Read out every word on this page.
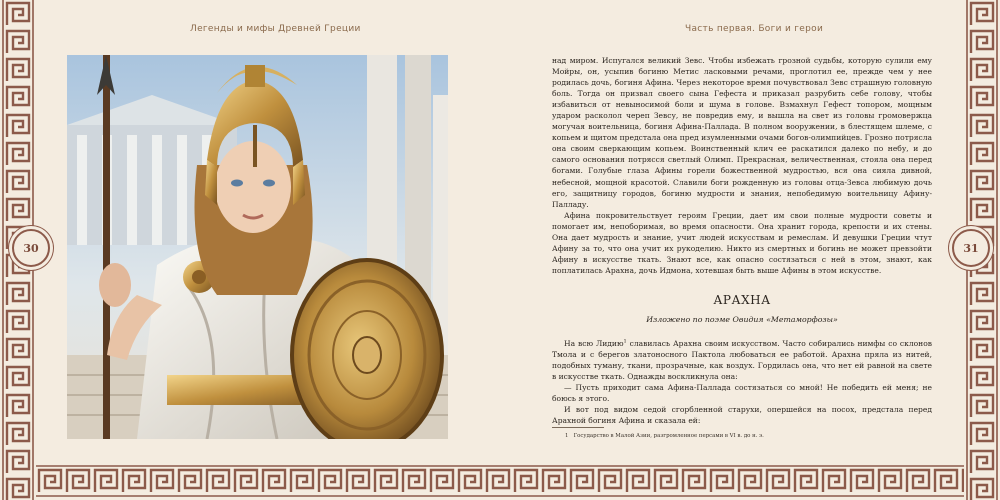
Легенды и мифы Древней Греции	Часть первая. Боги и герои
30	31

над миром. Испугался великий Зевс. Чтобы избежать грозной судьбы, которую сулили ему Мойры, он, усыпив богиню Метис ласковыми речами, проглотил ее, прежде чем у нее родилась дочь, богиня Афина. Через некоторое время почувствовал Зевс страшную головную боль. Тогда он призвал своего сына Гефеста и приказал разрубить себе голову, чтобы избавиться от невыносимой боли и шума в голове. Взмахнул Гефест топором, мощным ударом расколол череп Зевсу, не повредив ему, и вышла на свет из головы громовержца могучая воительница, богиня Афина-Паллада. В полном вооружении, в блестящем шлеме, с копьем и щитом предстала она пред изумленными очами богов-олимпийцев. Грозно потрясла она своим сверкающим копьем. Воинственный клич ее раскатился далеко по небу, и до самого основания потрясся светлый Олимп. Прекрасная, величественная, стояла она перед богами. Голубые глаза Афины горели божественной мудростью, вся она сияла дивной, небесной, мощной красотой. Славили боги рожденную из головы отца-Зевса любимую дочь его, защитницу городов, богиню мудрости и знания, непобедимую воительницу Афину-Палладу.

Афина покровительствует героям Греции, дает им свои полные мудрости советы и помогает им, непоборимая, во время опасности. Она хранит города, крепости и их стены. Она дает мудрость и знание, учит людей искусствам и ремеслам. И девушки Греции чтут Афину за то, что она учит их рукоделию. Никто из смертных и богинь не может превзойти Афину в искусстве ткать. Знают все, как опасно состязаться с ней в этом, знают, как поплатилась Арахна, дочь Идмона, хотевшая быть выше Афины в этом искусстве.

АРАХНА
Изложено по поэме Овидия «Метаморфозы»

На всю Лидию$^1$ славилась Арахна своим искусством. Часто собирались нимфы со склонов Тмола и с берегов златоносного Пактола любоваться ее работой. Арахна пряла из нитей, подобных туману, ткани, прозрачные, как воздух. Гордилась она, что нет ей равной на свете в искусстве ткать. Однажды воскликнула она:

— Пусть приходит сама Афина-Паллада состязаться со мной! Не победить ей меня; не боюсь я этого.

И вот под видом седой сгорбленной старухи, опершейся на посох, предстала перед Арахной богиня Афина и сказала ей:

1 Государство в Малой Азии, разгромленное персами в VI в. до н. э.
